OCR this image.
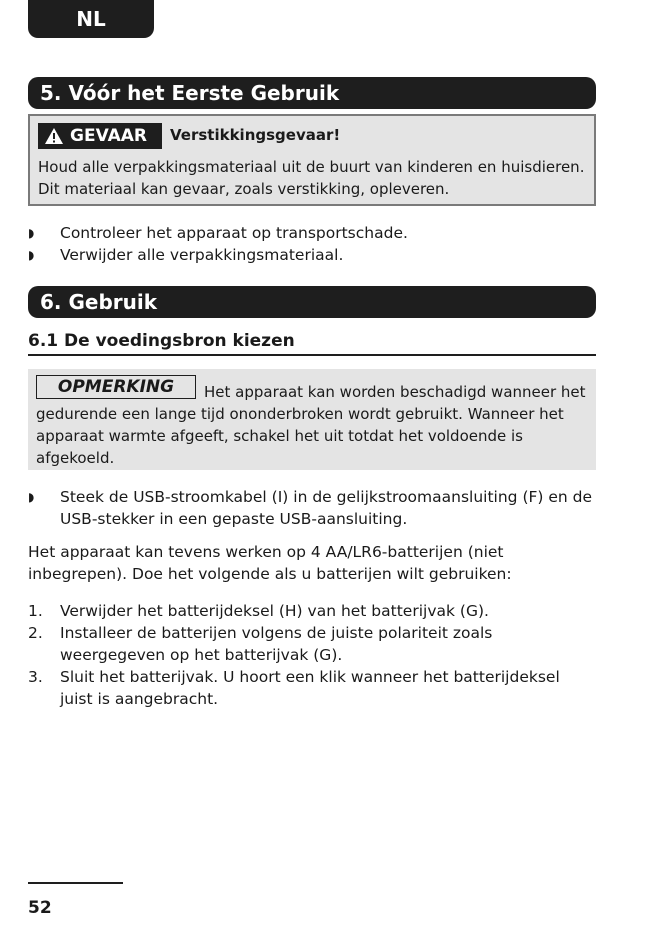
NL
5. Vóór het Eerste Gebruik
GEVAAR Verstikkingsgevaar!
Houd alle verpakkingsmateriaal uit de buurt van kinderen en huisdieren. Dit materiaal kan gevaar, zoals verstikking, opleveren.
◗	Controleer het apparaat op transportschade.
◗	Verwijder alle verpakkingsmateriaal.
6. Gebruik
6.1 De voedingsbron kiezen
Het apparaat kan worden beschadigd wanneer het gedurende een lange tijd ononderbroken wordt gebruikt. Wanneer het apparaat warmte afgeeft, schakel het uit totdat het voldoende is afgekoeld.
OPMERKING
◗	Steek de USB-stroomkabel (I) in de gelijkstroomaansluiting (F) en de USB-stekker in een gepaste USB-aansluiting.
Het apparaat kan tevens werken op 4 AA/LR6-batterijen (niet inbegrepen). Doe het volgende als u batterijen wilt gebruiken:
1.	Verwijder het batterijdeksel (H) van het batterijvak (G).
2.	Installeer de batterijen volgens de juiste polariteit zoals weergegeven op het batterijvak (G).
3.	Sluit het batterijvak. U hoort een klik wanneer het batterijdeksel juist is aangebracht.
52
